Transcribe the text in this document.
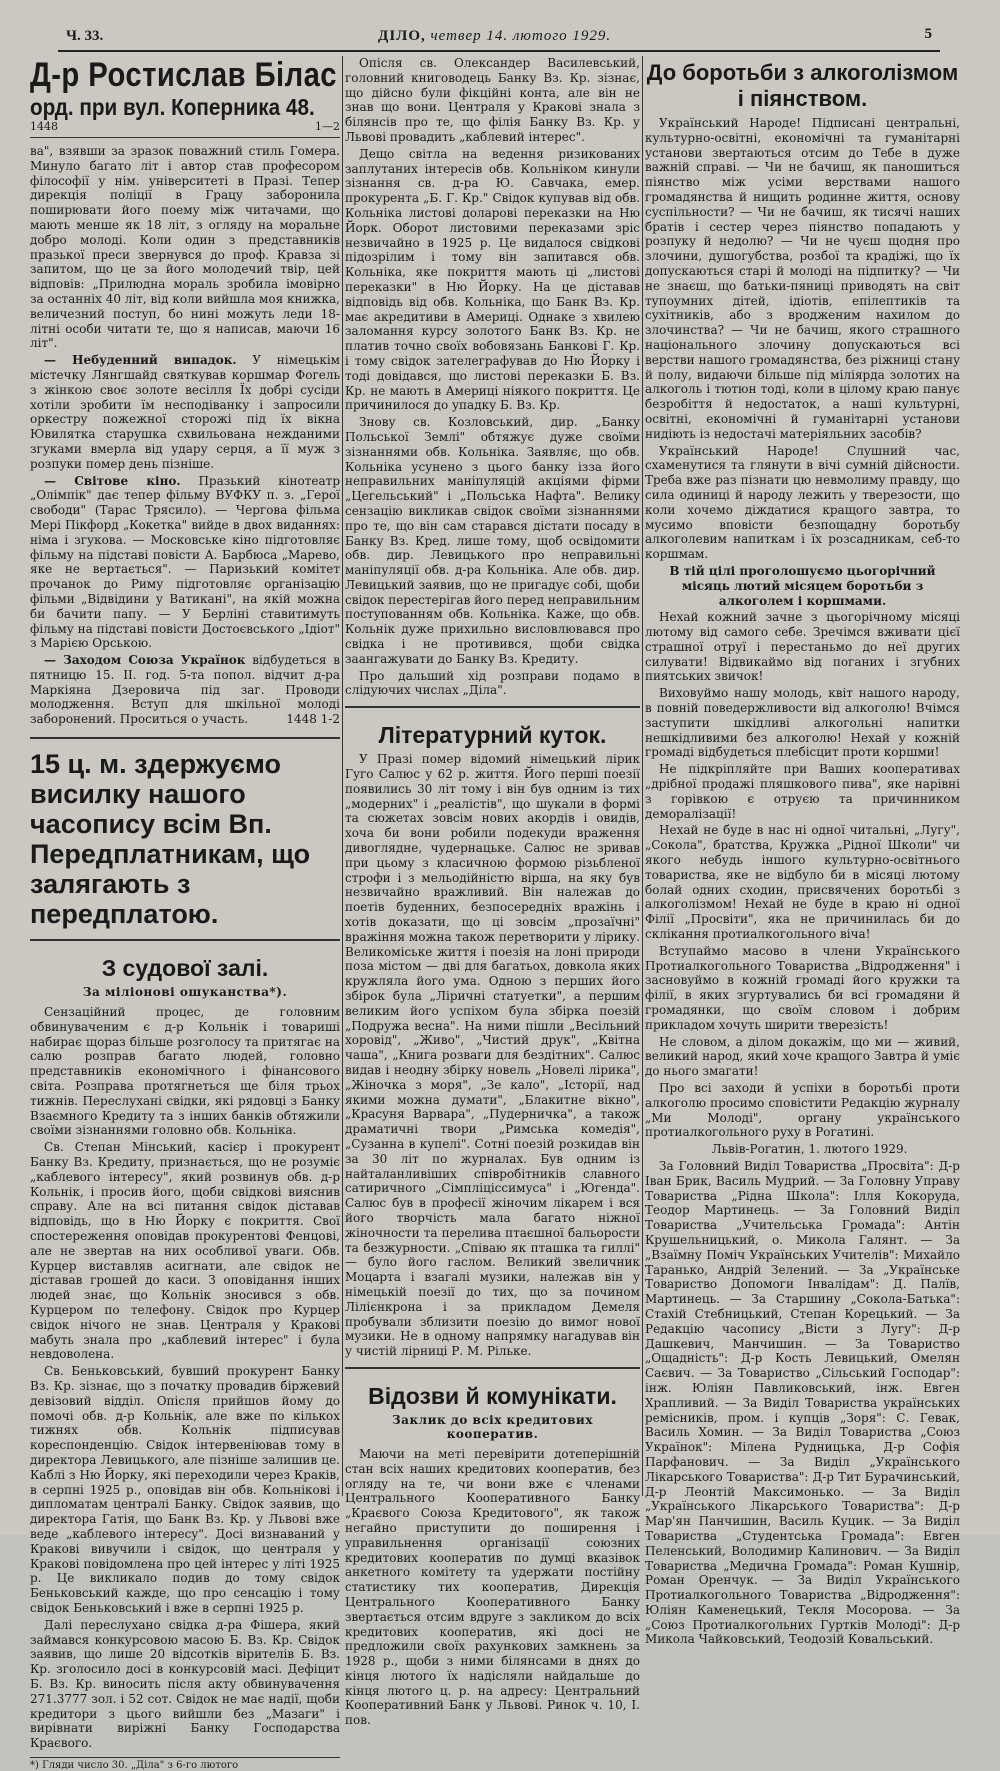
Ч. 33.	ДІЛО, четвер 14. лютого 1929.	5

Д-р Ростислав Білас

орд. при вул. Коперника 48.

1448	1—2

ва", взявши за зразок поважний стиль Гомера. Минуло багато літ і автор став професором філософії у нім. університеті в Празі. Тепер дирекція поліції в Грацу заборонила поширювати його поему між читачами, що мають менше як 18 літ, з огляду на моральне добро молоді. Коли один з представників празької преси звернувся до проф. Кравза зі запитом, що це за його молодечий твір, цей відповів: „Прилюдна мораль зробила імовірно за останніх 40 літ, від коли вийшла моя книжка, величезний поступ, бо нині можуть леди 18-літні особи читати те, що я написав, маючи 16 літ".

— Небуденний випадок. У німецькім містечку Лянгшайд святкував коршмар Фогель з жінкою своє золоте весілля Їх добрі сусіди хотіли зробити їм несподіванку і запросили оркестру пожежної сторожі під їх вікна Ювилятка старушка схвильована нежданими згуками вмерла від удару серця, а її муж з розпуки помер день пізніше.

— Світове кіно. Празький кінотеатр „Олімпік" дає тепер фільму ВУФКУ п. з. „Герої свободи" (Тарас Трясило). — Чергова фільма Мері Пікфорд „Кокетка" вийде в двох виданнях: німа і згукова. — Московське кіно підготовляє фільму на підставі повісти А. Барбюса „Марево, яке не вертається". — Паризький комітет прочанок до Риму підготовляє організацію фільми „Відвідини у Ватикані", на якій можна би бачити папу. — У Берліні ставитимуть фільму на підставі повісти Достоєвського „Ідіот" з Марією Орською.

— Заходом Союза Українок відбудеться в пятницю 15. II. год. 5-та попол. відчит д-ра Маркіяна Дзеровича під заг. Проводи молодження. Вступ для шкільної молоді заборонений. Проситься о участь.	1448 1-2

15 ц. м. здержуємо висилку нашого часопису всім Вп. Передплатникам, що залягають з передплатою.
З судової залі.
За міліонові ошуканства*).

Сензаційний процес, де головним обвинуваченим є д-р Кольнік і товариші набирає щораз більше розголосу та притягає на салю розправ багато людей, головно представників економічного і фінансового світа. Розправа протягнеться ще біля трьох тижнів. Переслухані свідки, які рядовці з Банку Взаємного Кредиту та з інших банків обтяжили своїми зізнаннями головно обв. Кольніка.

Св. Степан Мінський, касієр і прокурент Банку Вз. Кредиту, признається, що не розуміє „каблевого інтересу", який розвинув обв. д-р Кольнік, і просив його, щоби свідкові вияснив справу. Але на всі питання свідок діставав відповідь, що в Ню Йорку є покриття. Свої спостереження оповідав прокурентові Фенцові, але не звертав на них особливої уваги. Обв. Курцер виставляв асигнати, але свідок не діставав грошей до каси. З оповідання інших людей знає, що Кольнік зносився з обв. Курцером по телефону. Свідок про Курцер свідок нічого не знав. Централя у Кракові мабуть знала про „каблевий інтерес" і була невдоволена.

Св. Беньковський, бувший прокурент Банку Вз. Кр. зізнає, що з початку провадив біржевий девізовий відділ. Опісля прийшов йому до помочі обв. д-р Кольнік, але вже по кількох тижнях обв. Кольнік підписував кореспонденцію. Свідок інтервеніював тому в директора Левицького, але пізніше залишив це. Каблі з Ню Йорку, які переходили через Краків, в серпні 1925 р., оповідав він обв. Кольнікові і дипломатам централі Банку. Свідок заявив, що директора Гатія, що Банк Вз. Кр. у Львові вже веде „каблевого інтересу". Досі визнаваний у Кракові вивучили і свідок, що централя у Кракові повідомлена про цей інтерес у літі 1925 р. Це викликало подив до тому свідок Беньковський кажде, що про сенсацію і тому свідок Беньковський і вже в серпні 1925 р.

Далі переслухано свідка д-ра Фішера, який займався конкурсовою масою Б. Вз. Кр. Свідок заявив, що лише 20 відсотків вірителів Б. Вз. Кр. зголосило досі в конкурсовій масі. Дефіцит Б. Вз. Кр. виносить після акту обвинувачення 271.3777 зол. і 52 сот. Свідок не має надії, щоби кредитори з цього вийшли без „Мазаги" і вирівнати виріжні Банку Господарства Краєвого.

*) Гляди число 30. „Діла" з 6-го лютого

Опісля св. Олександер Василевський, головний книговодець Банку Вз. Кр. зізнає, що дійсно були фікційні конта, але він не знав що вони. Централя у Кракові знала з білянсів про те, що філія Банку Вз. Кр. у Львові провадить „каблевий інтерес".

Дещо світла на ведення ризикованих заплутаних інтересів обв. Кольніком кинули зізнання св. д-ра Ю. Савчака, емер. прокурента „Б. Г. Кр." Свідок купував від обв. Кольніка листові доларові переказки на Ню Йорк. Оборот листовими переказами зріс незвичайно в 1925 р. Це видалося свідкові підозрілим і тому він запитався обв. Кольніка, яке покриття мають ці „листові переказки" в Ню Йорку. На це діставав відповідь від обв. Кольніка, що Банк Вз. Кр. має акредитиви в Америці. Однаке з хвилею заломання курсу золотого Банк Вз. Кр. не платив точно своїх вобовязань Банкові Г. Кр. і тому свідок зателеграфував до Ню Йорку і тоді довідався, що листові переказки Б. Вз. Кр. не мають в Америці ніякого покриття. Це причинилося до упадку Б. Вз. Кр.

Знову св. Козловський, дир. „Банку Польської Землі" обтяжує дуже своїми зізнаннями обв. Кольніка. Заявляє, що обв. Кольніка усунено з цього банку ізза його неправильних маніпуляцій акціями фірми „Цегельський" і „Польська Нафта". Велику сензацію викликав свідок своїми зізнаннями про те, що він сам старався дістати посаду в Банку Вз. Кред. лише тому, щоб освідомити обв. дир. Левицького про неправильні маніпуляції обв. д-ра Кольніка. Але обв. дир. Левицький заявив, що не пригадує собі, щоби свідок перестерігав його перед неправильним поступованням обв. Кольніка. Каже, що обв. Кольнік дуже прихильно висловлювався про свідка і не противився, щоби свідка заангажувати до Банку Вз. Кредиту.

Про дальший хід розправи подамо в слідуючих числах „Діла".

Літературний куток.

У Празі помер відомий німецький лірик Гуго Салюс у 62 р. життя. Його перші поезії появились 30 літ тому і він був одним із тих „модерних" і „реалістів", що шукали в формі та сюжетах зовсім нових акордів і овидів, хоча би вони робили подекуди враження дивоглядне, чудернацьке. Салюс не зривав при цьому з класичною формою різьбленої строфи і з мельодійністю вірша, на яку був незвичайно вражливий. Він належав до поетів буденних, безпосередніх вражінь і хотів доказати, що ці зовсім „прозаїчні" вражіння можна також перетворити у лірику. Великоміське життя і поезія на лоні природи поза містом — дві для багатьох, довкола яких кружляла його ума. Одною з перших його збірок була „Ліричні статуетки", а першим великим його успіхом була збірка поезій „Подружа весна". На ними пішли „Весільний хоровід", „Живо", „Чистий друк", „Квітна чаша", „Книга розваги для бездітних". Салюс видав і неодну збірку новель „Новелі лірика", „Жіночка з моря", „Зе кало", „Історії, над якими можна думати", „Блакитне вікно", „Красуня Варвара", „Пудерничка", а також драматичні твори „Римська комедія", „Сузанна в купелі". Сотні поезій розкидав він за 30 літ по журналах. Був одним із найталанливіших співробітників славного сатиричного „Сімпліціссимуса" і „Югенда". Салюс був в професії жіночим лікарем і вся його творчість мала багато ніжної жіночности та перелива птаєшної бальорости та безжурности. „Співаю як пташка та гиллі" — було його гаслом. Великий звеличник Моцарта і взагалі музики, належав він у німецькій поезії до тих, що за почином Лілієнкрона і за прикладом Демеля пробували зблизити поезію до вимог нової музики. Не в одному напрямку нагадував він у чистій лірниці Р. М. Рільке.

Відозви й комунікати.
Заклик до всіх кредитових кооператив.

Маючи на меті перевірити дотеперішній стан всіх наших кредитових кооператив, без огляду на те, чи вони вже є членами Центрального Кооперативного Банку „Краєвого Союза Кредитового", як також негайно приступити до поширення і управильнення організації союзних кредитових кооператив по думці вказівок анкетного комітету та удержати постійну статистику тих кооператив, Дирекція Центрального Кооперативного Банку звертається отсим вдруге з закликом до всіх кредитових кооператив, які досі не предложили своїх рахункових замкнень за 1928 р., щоби з ними білянсами в днях до кінця лютого їх надісляли найдальше до кінця лютого ц. р. на адресу: Центральний Кооперативний Банк у Львові. Ринок ч. 10, I. пов.

До боротьби з алкоголізмом і піянством.

Український Народе! Підписані центральні, культурно-освітні, економічні та гуманітарні установи звертаються отсим до Тебе в дуже важній справі. — Чи не бачиш, як паношиться піянство між усіми верствами нашого громадянства й нищить родинне життя, основу суспільности? — Чи не бачиш, як тисячі наших братів і сестер через піянство попадають у розпуку й недолю? — Чи не чуєш щодня про злочини, душогубства, розбої та крадіжі, що їх допускаються старі й молоді на підпитку? — Чи не знаєш, що батьки-пяниці приводять на світ тупоумних дітей, ідіотів, епілептиків та сухітників, або з вродженим нахилом до злочинства? — Чи не бачиш, якого страшного національного злочину допускаються всі верстви нашого громадянства, без ріжниці стану й полу, видаючи більше під міліярда золотих на алкоголь і тютюн тоді, коли в цілому краю панує безробіття й недостаток, а наші культурні, освітні, економічні й гуманітарні установи нидіють із недостачі матеріяльних засобів?

Український Народе! Слушний час, схаменутися та глянути в вічі сумній дійсности. Треба вже раз пізнати цю невмолиму правду, що сила одиниці й народу лежить у тверезости, що коли хочемо діждатися кращого завтра, то мусимо вповісти безпощадну боротьбу алкоголевим напиткам і їх розсадникам, себ-то коршмам.

В тій цілі проголошуємо цьогорічний місяць лютий місяцем боротьби з алкоголем і коршмами.

Нехай кожний зачне з цьогорічному місяці лютому від самого себе. Зречімся вживати цієї страшної отруї і перестаньмо до неї других силувати! Відвикаймо від поганих і згубних пиятських звичок!

Виховуймо нашу молодь, квіт нашого народу, в повній поведержливости від алкоголю! Вчімся заступити шкідливі алкогольні напитки нешкідливими без алкоголю! Нехай у кожній громаді відбудеться плебісцит проти коршми!

Не підкріпляйте при Ваших кооперативах „дрібної продажі пляшкового пива", яке нарівні з горівкою є отруєю та причинником деморалізації!

Нехай не буде в нас ні одної читальні, „Лугу", „Сокола", братства, Кружка „Рідної Школи" чи якого небудь іншого культурно-освітнього товариства, яке не відбуло би в місяці лютому болай одних сходин, присвячених боротьбі з алкоголізмом! Нехай не буде в краю ні одної Філії „Просвіти", яка не причинилась би до склікання протиалкогольного віча!

Вступаймо масово в члени Українського Протиалкогольного Товариства „Відродження" і засновуймо в кожній громаді його кружки та філії, в яких згуртувались би всі громадяни й громадянки, що своїм словом і добрим прикладом хочуть ширити тверезість!

Не словом, а ділом докажім, що ми — живий, великий народ, який хоче кращого Завтра й уміє до нього змагати!

Про всі заходи й успіхи в боротьбі проти алкоголю просимо сповістити Редакцію журналу „Ми Молоді", органу українського протиалкогольного руху в Рогатині.

Львів-Рогатин, 1. лютого 1929.

За Головний Виділ Товариства „Просвіта": Д-р Іван Брик, Василь Мудрий. — За Головну Управу Товариства „Рідна Школа": Ілля Кокоруда, Теодор Мартинець. — За Головний Виділ Товариства „Учительська Громада": Антін Крушельницький, о. Микола Галянт. — За „Взаїмну Поміч Українських Учителів": Михайло Таранько, Андрій Зелений. — За „Українське Товариство Допомоги Інвалідам": Д. Палїв, Мартинець. — За Старшину „Сокола-Батька": Стахій Стебницький, Степан Корецький. — За Редакцію часопису „Вісти з Лугу": Д-р Дашкевич, Манчишин. — За Товариство „Ощадність": Д-р Кость Левицький, Омелян Саєвич. — За Товариство „Сільський Господар": інж. Юліян Павликовський, інж. Евген Храпливий. — За Виділ Товариства українських ремісників, пром. і купців „Зоря": С. Гевак, Василь Хомин. — За Виділ Товариства „Союз Українок": Мілена Рудницька, Д-р Софія Парфанович. — За Виділ „Українського Лікарського Товариства": Д-р Тит Бурачинський, Д-р Леонтій Максимонько. — За Виділ „Українського Лікарського Товариства": Д-р Мар'ян Панчишин, Василь Куцик. — За Виділ Товариства „Студентська Громада": Евген Пеленський, Володимир Калинович. — За Виділ Товариства „Медична Громада": Роман Кушнір, Роман Оренчук. — За Виділ Українського Протиалкогольного Товариства „Відродження": Юліян Каменецький, Текля Мосорова. — За „Союз Протиалкогольних Гуртків Молоді": Д-р Микола Чайковський, Теодозій Ковальський.
